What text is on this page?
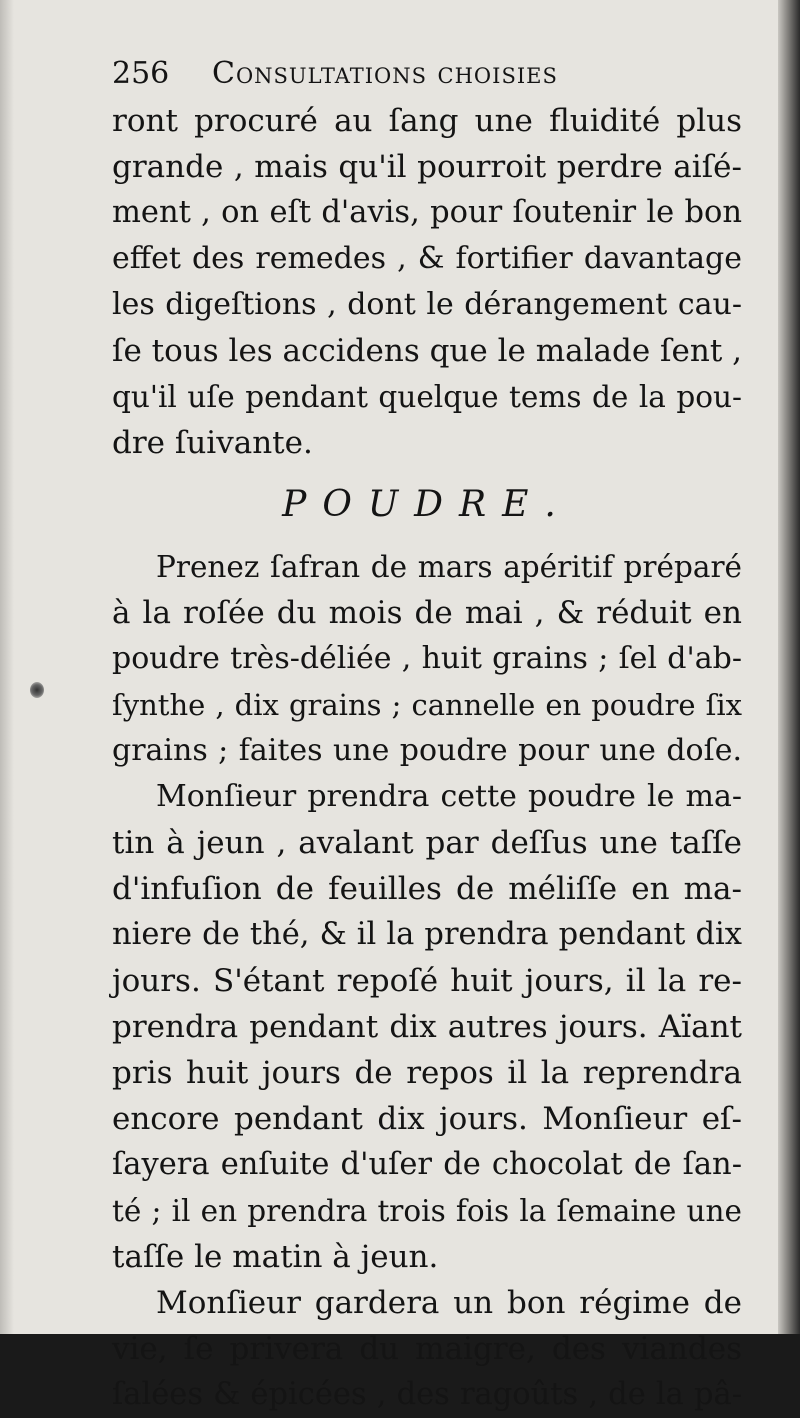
256 Consultations choisies
ront procuré au ſang une fluidité plus
grande , mais qu'il pourroit perdre aiſé-
ment , on eſt d'avis, pour ſoutenir le bon
effet des remedes , & fortifier davantage
les digeſtions , dont le dérangement cau-
ſe tous les accidens que le malade ſent ,
qu'il uſe pendant quelque tems de la pou-
dre ſuivante.
POUDRE.
Prenez ſafran de mars apéritif préparé
à la roſée du mois de mai , & réduit en
poudre très-déliée , huit grains ; ſel d'ab-
ſynthe , dix grains ; cannelle en poudre ſix
grains ; faites une poudre pour une doſe.
Monſieur prendra cette poudre le ma-
tin à jeun , avalant par deſſus une taſſe
d'infuſion de feuilles de méliſſe en ma-
niere de thé, & il la prendra pendant dix
jours. S'étant repoſé huit jours, il la re-
prendra pendant dix autres jours. Aïant
pris huit jours de repos il la reprendra
encore pendant dix jours. Monſieur eſ-
ſayera enſuite d'uſer de chocolat de ſan-
té ; il en prendra trois fois la ſemaine une
taſſe le matin à jeun.
Monſieur gardera un bon régime de
vie, ſe privera du maigre, des viandes
ſalées & épicées , des ragoûts , de la pâ-
